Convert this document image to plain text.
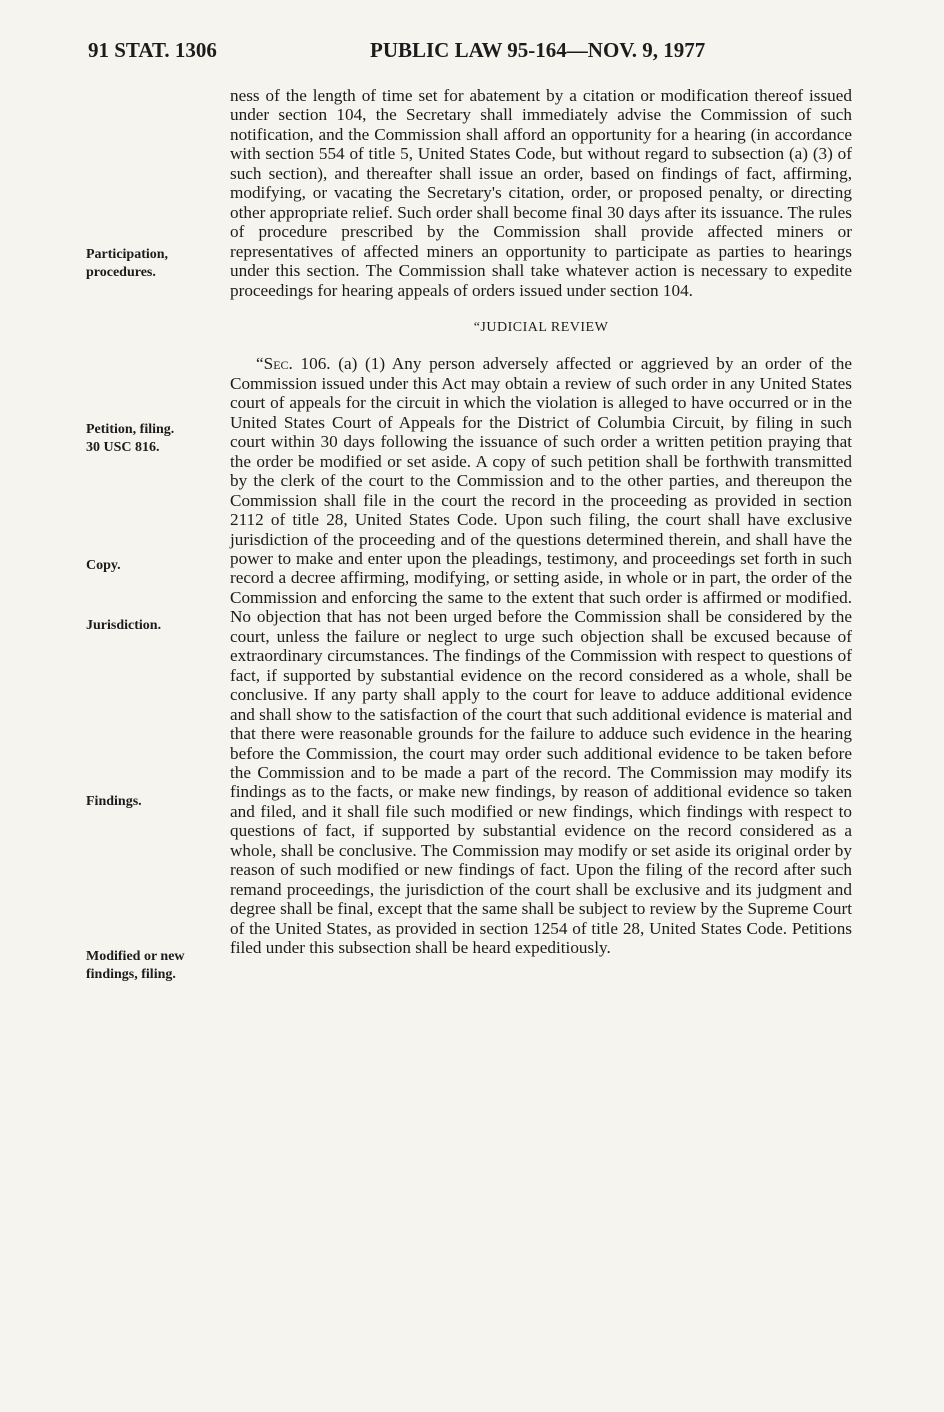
91 STAT. 1306	PUBLIC LAW 95-164—NOV. 9, 1977
Participation,
procedures.
Petition, filing.
30 USC 816.
Copy.
Jurisdiction.
Findings.
Modified or new
findings, filing.

ness of the length of time set for abatement by a citation or modification thereof issued under section 104, the Secretary shall immediately advise the Commission of such notification, and the Commission shall afford an opportunity for a hearing (in accordance with section 554 of title 5, United States Code, but without regard to subsection (a) (3) of such section), and thereafter shall issue an order, based on findings of fact, affirming, modifying, or vacating the Secretary's citation, order, or proposed penalty, or directing other appropriate relief. Such order shall become final 30 days after its issuance. The rules of procedure prescribed by the Commission shall provide affected miners or representatives of affected miners an opportunity to participate as parties to hearings under this section. The Commission shall take whatever action is necessary to expedite proceedings for hearing appeals of orders issued under section 104.

“JUDICIAL REVIEW

“Sec. 106. (a) (1) Any person adversely affected or aggrieved by an order of the Commission issued under this Act may obtain a review of such order in any United States court of appeals for the circuit in which the violation is alleged to have occurred or in the United States Court of Appeals for the District of Columbia Circuit, by filing in such court within 30 days following the issuance of such order a written petition praying that the order be modified or set aside. A copy of such petition shall be forthwith transmitted by the clerk of the court to the Commission and to the other parties, and thereupon the Commission shall file in the court the record in the proceeding as provided in section 2112 of title 28, United States Code. Upon such filing, the court shall have exclusive jurisdiction of the proceeding and of the questions determined therein, and shall have the power to make and enter upon the pleadings, testimony, and proceedings set forth in such record a decree affirming, modifying, or setting aside, in whole or in part, the order of the Commission and enforcing the same to the extent that such order is affirmed or modified. No objection that has not been urged before the Commission shall be considered by the court, unless the failure or neglect to urge such objection shall be excused because of extraordinary circumstances. The findings of the Commission with respect to questions of fact, if supported by substantial evidence on the record considered as a whole, shall be conclusive. If any party shall apply to the court for leave to adduce additional evidence and shall show to the satisfaction of the court that such additional evidence is material and that there were reasonable grounds for the failure to adduce such evidence in the hearing before the Commission, the court may order such additional evidence to be taken before the Commission and to be made a part of the record. The Commission may modify its findings as to the facts, or make new findings, by reason of additional evidence so taken and filed, and it shall file such modified or new findings, which findings with respect to questions of fact, if supported by substantial evidence on the record considered as a whole, shall be conclusive. The Commission may modify or set aside its original order by reason of such modified or new findings of fact. Upon the filing of the record after such remand proceedings, the jurisdiction of the court shall be exclusive and its judgment and degree shall be final, except that the same shall be subject to review by the Supreme Court of the United States, as provided in section 1254 of title 28, United States Code. Petitions filed under this subsection shall be heard expeditiously.
